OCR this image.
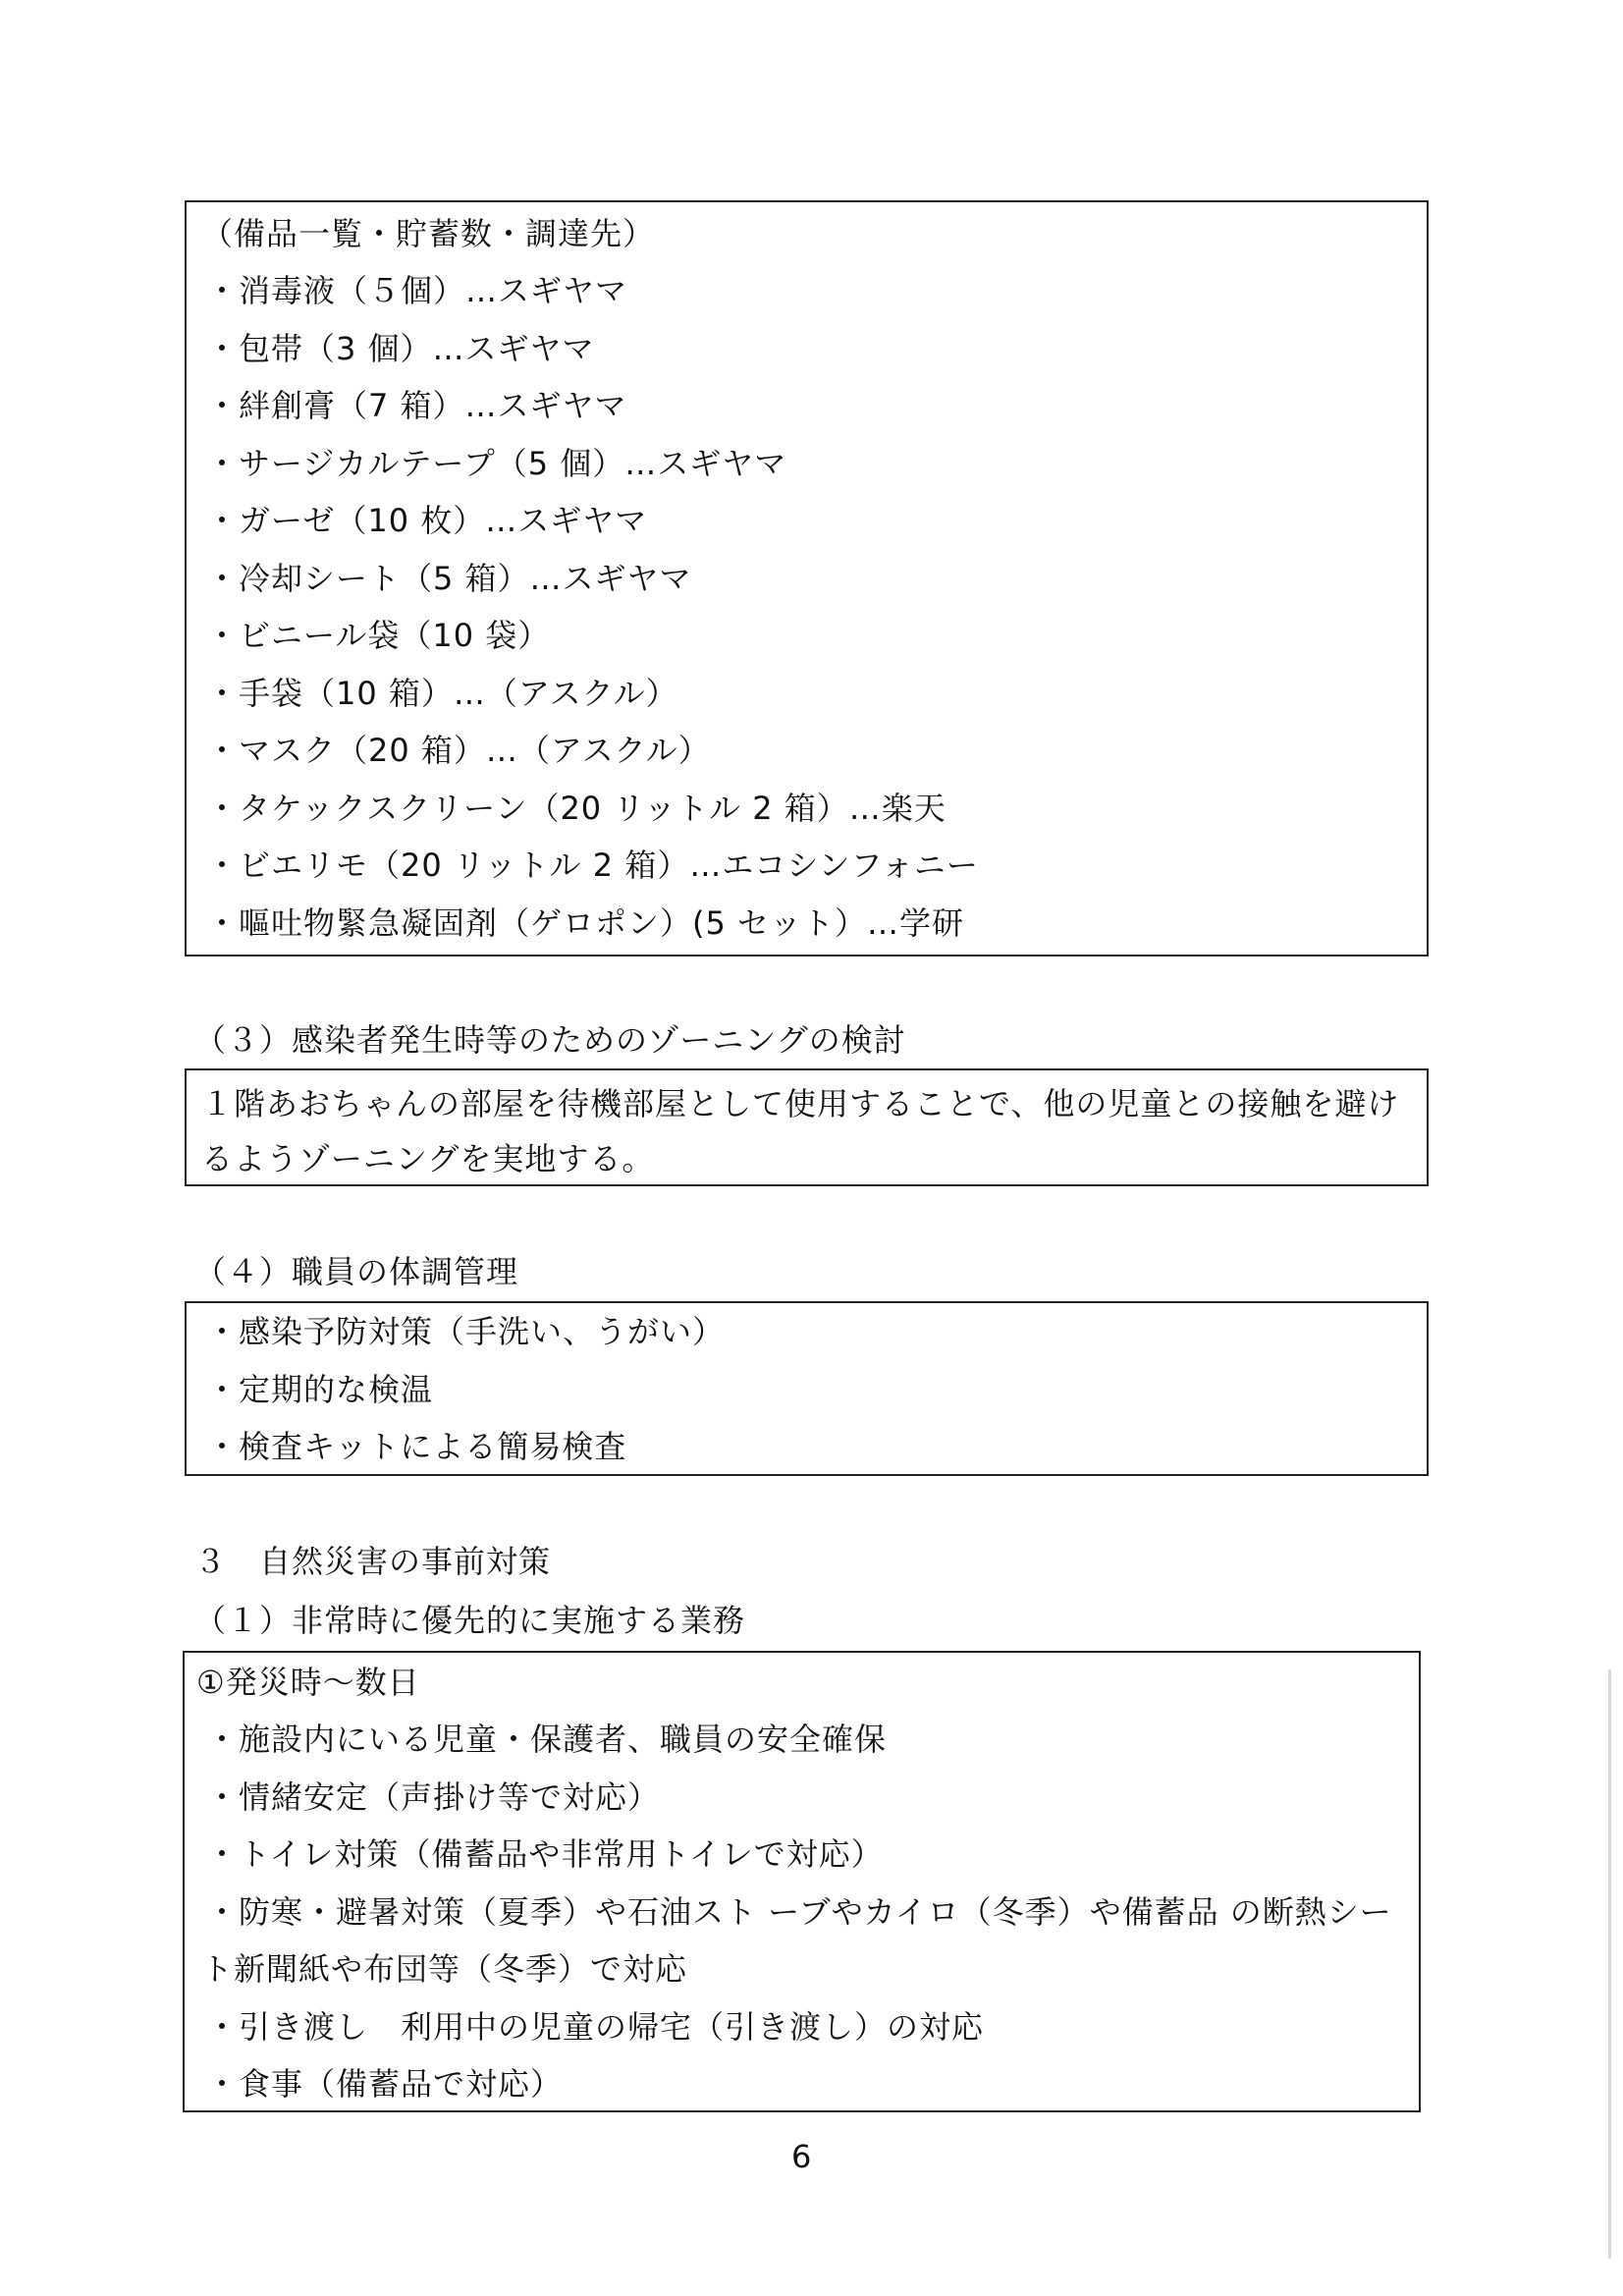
（備品一覧・貯蓄数・調達先）
・消毒液（５個）…スギヤマ
・包帯（3 個）…スギヤマ
・絆創膏（7 箱）…スギヤマ
・サージカルテープ（5 個）…スギヤマ
・ガーゼ（10 枚）…スギヤマ
・冷却シート（5 箱）…スギヤマ
・ビニール袋（10 袋）
・手袋（10 箱）…（アスクル）
・マスク（20 箱）…（アスクル）
・タケックスクリーン（20 リットル 2 箱）…楽天
・ビエリモ（20 リットル 2 箱）…エコシンフォニー
・嘔吐物緊急凝固剤（ゲロポン）(5 セット）…学研
（３）感染者発生時等のためのゾーニングの検討
１階あおちゃんの部屋を待機部屋として使用することで、他の児童との接触を避け
るようゾーニングを実地する。
（４）職員の体調管理
・感染予防対策（手洗い、うがい）
・定期的な検温
・検査キットによる簡易検査
３　自然災害の事前対策
（１）非常時に優先的に実施する業務
①発災時～数日
・施設内にいる児童・保護者、職員の安全確保
・情緒安定（声掛け等で対応）
・トイレ対策（備蓄品や非常用トイレで対応）
・防寒・避暑対策（夏季）や石油スト ーブやカイロ（冬季）や備蓄品 の断熱シー
ト新聞紙や布団等（冬季）で対応
・引き渡し　利用中の児童の帰宅（引き渡し）の対応
・食事（備蓄品で対応）
6
